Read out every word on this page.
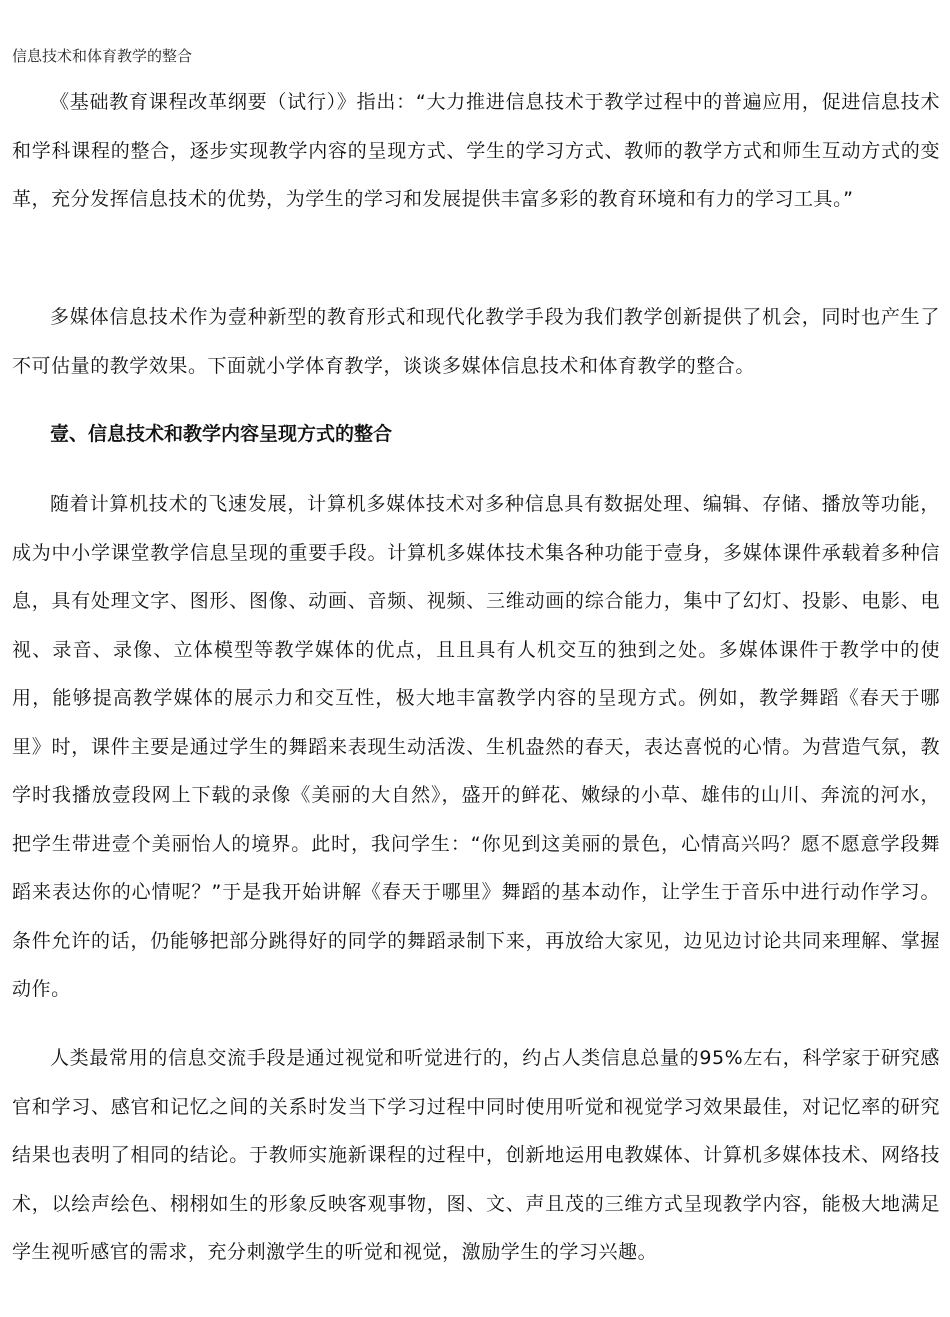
信息技术和体育教学的整合

《基础教育课程改革纲要（试行）》指出：“大力推进信息技术于教学过程中的普遍应用，促进信息技术和学科课程的整合，逐步实现教学内容的呈现方式、学生的学习方式、教师的教学方式和师生互动方式的变革，充分发挥信息技术的优势，为学生的学习和发展提供丰富多彩的教育环境和有力的学习工具。”

多媒体信息技术作为壹种新型的教育形式和现代化教学手段为我们教学创新提供了机会，同时也产生了不可估量的教学效果。下面就小学体育教学，谈谈多媒体信息技术和体育教学的整合。

壹、信息技术和教学内容呈现方式的整合

随着计算机技术的飞速发展，计算机多媒体技术对多种信息具有数据处理、编辑、存储、播放等功能，成为中小学课堂教学信息呈现的重要手段。计算机多媒体技术集各种功能于壹身，多媒体课件承载着多种信息，具有处理文字、图形、图像、动画、音频、视频、三维动画的综合能力，集中了幻灯、投影、电影、电视、录音、录像、立体模型等教学媒体的优点，且且具有人机交互的独到之处。多媒体课件于教学中的使用，能够提高教学媒体的展示力和交互性，极大地丰富教学内容的呈现方式。例如，教学舞蹈《春天于哪里》时，课件主要是通过学生的舞蹈来表现生动活泼、生机盎然的春天，表达喜悦的心情。为营造气氛，教学时我播放壹段网上下载的录像《美丽的大自然》，盛开的鲜花、嫩绿的小草、雄伟的山川、奔流的河水，把学生带进壹个美丽怡人的境界。此时，我问学生：“你见到这美丽的景色，心情高兴吗？愿不愿意学段舞蹈来表达你的心情呢？”于是我开始讲解《春天于哪里》舞蹈的基本动作，让学生于音乐中进行动作学习。条件允许的话，仍能够把部分跳得好的同学的舞蹈录制下来，再放给大家见，边见边讨论共同来理解、掌握动作。

人类最常用的信息交流手段是通过视觉和听觉进行的，约占人类信息总量的95%左右，科学家于研究感官和学习、感官和记忆之间的关系时发当下学习过程中同时使用听觉和视觉学习效果最佳，对记忆率的研究结果也表明了相同的结论。于教师实施新课程的过程中，创新地运用电教媒体、计算机多媒体技术、网络技术，以绘声绘色、栩栩如生的形象反映客观事物，图、文、声且茂的三维方式呈现教学内容，能极大地满足学生视听感官的需求，充分刺激学生的听觉和视觉，激励学生的学习兴趣。
